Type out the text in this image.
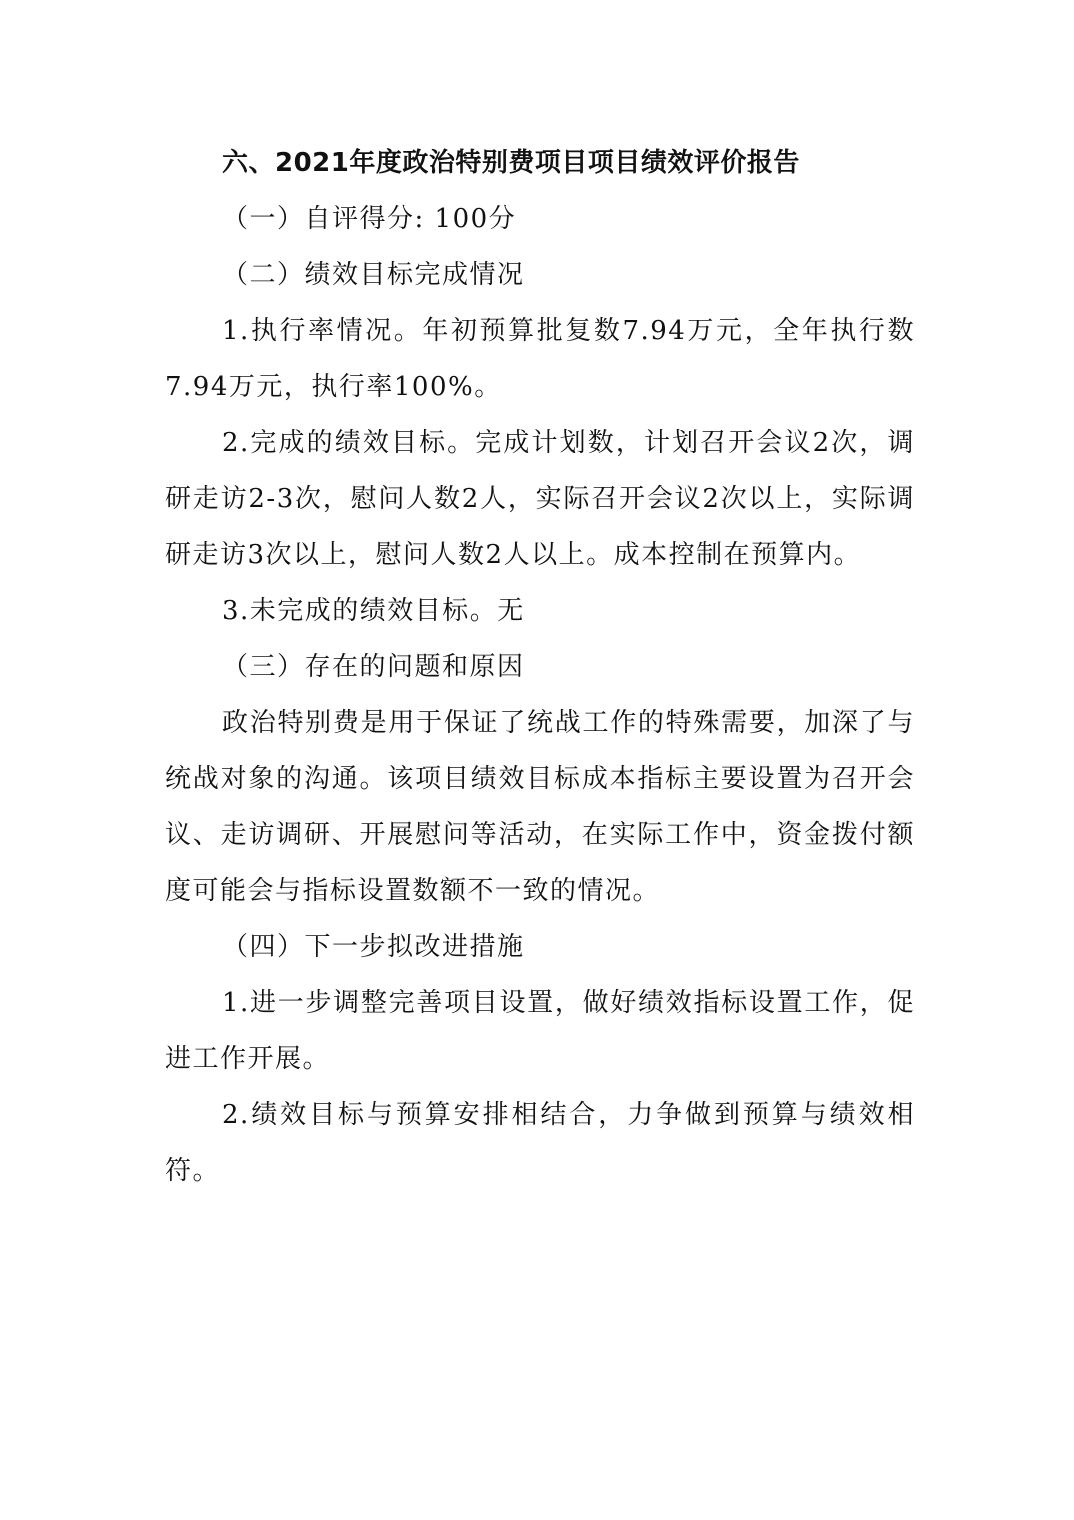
六、2021年度政治特别费项目项目绩效评价报告

（一）自评得分: 100分

（二）绩效目标完成情况

1.执行率情况。年初预算批复数7.94万元，全年执行数7.94万元，执行率100%。

2.完成的绩效目标。完成计划数，计划召开会议2次，调研走访2-3次，慰问人数2人，实际召开会议2次以上，实际调研走访3次以上，慰问人数2人以上。成本控制在预算内。

3.未完成的绩效目标。无

（三）存在的问题和原因

政治特别费是用于保证了统战工作的特殊需要，加深了与统战对象的沟通。该项目绩效目标成本指标主要设置为召开会议、走访调研、开展慰问等活动，在实际工作中，资金拨付额度可能会与指标设置数额不一致的情况。

（四）下一步拟改进措施

1.进一步调整完善项目设置，做好绩效指标设置工作，促进工作开展。

2.绩效目标与预算安排相结合，力争做到预算与绩效相符。
